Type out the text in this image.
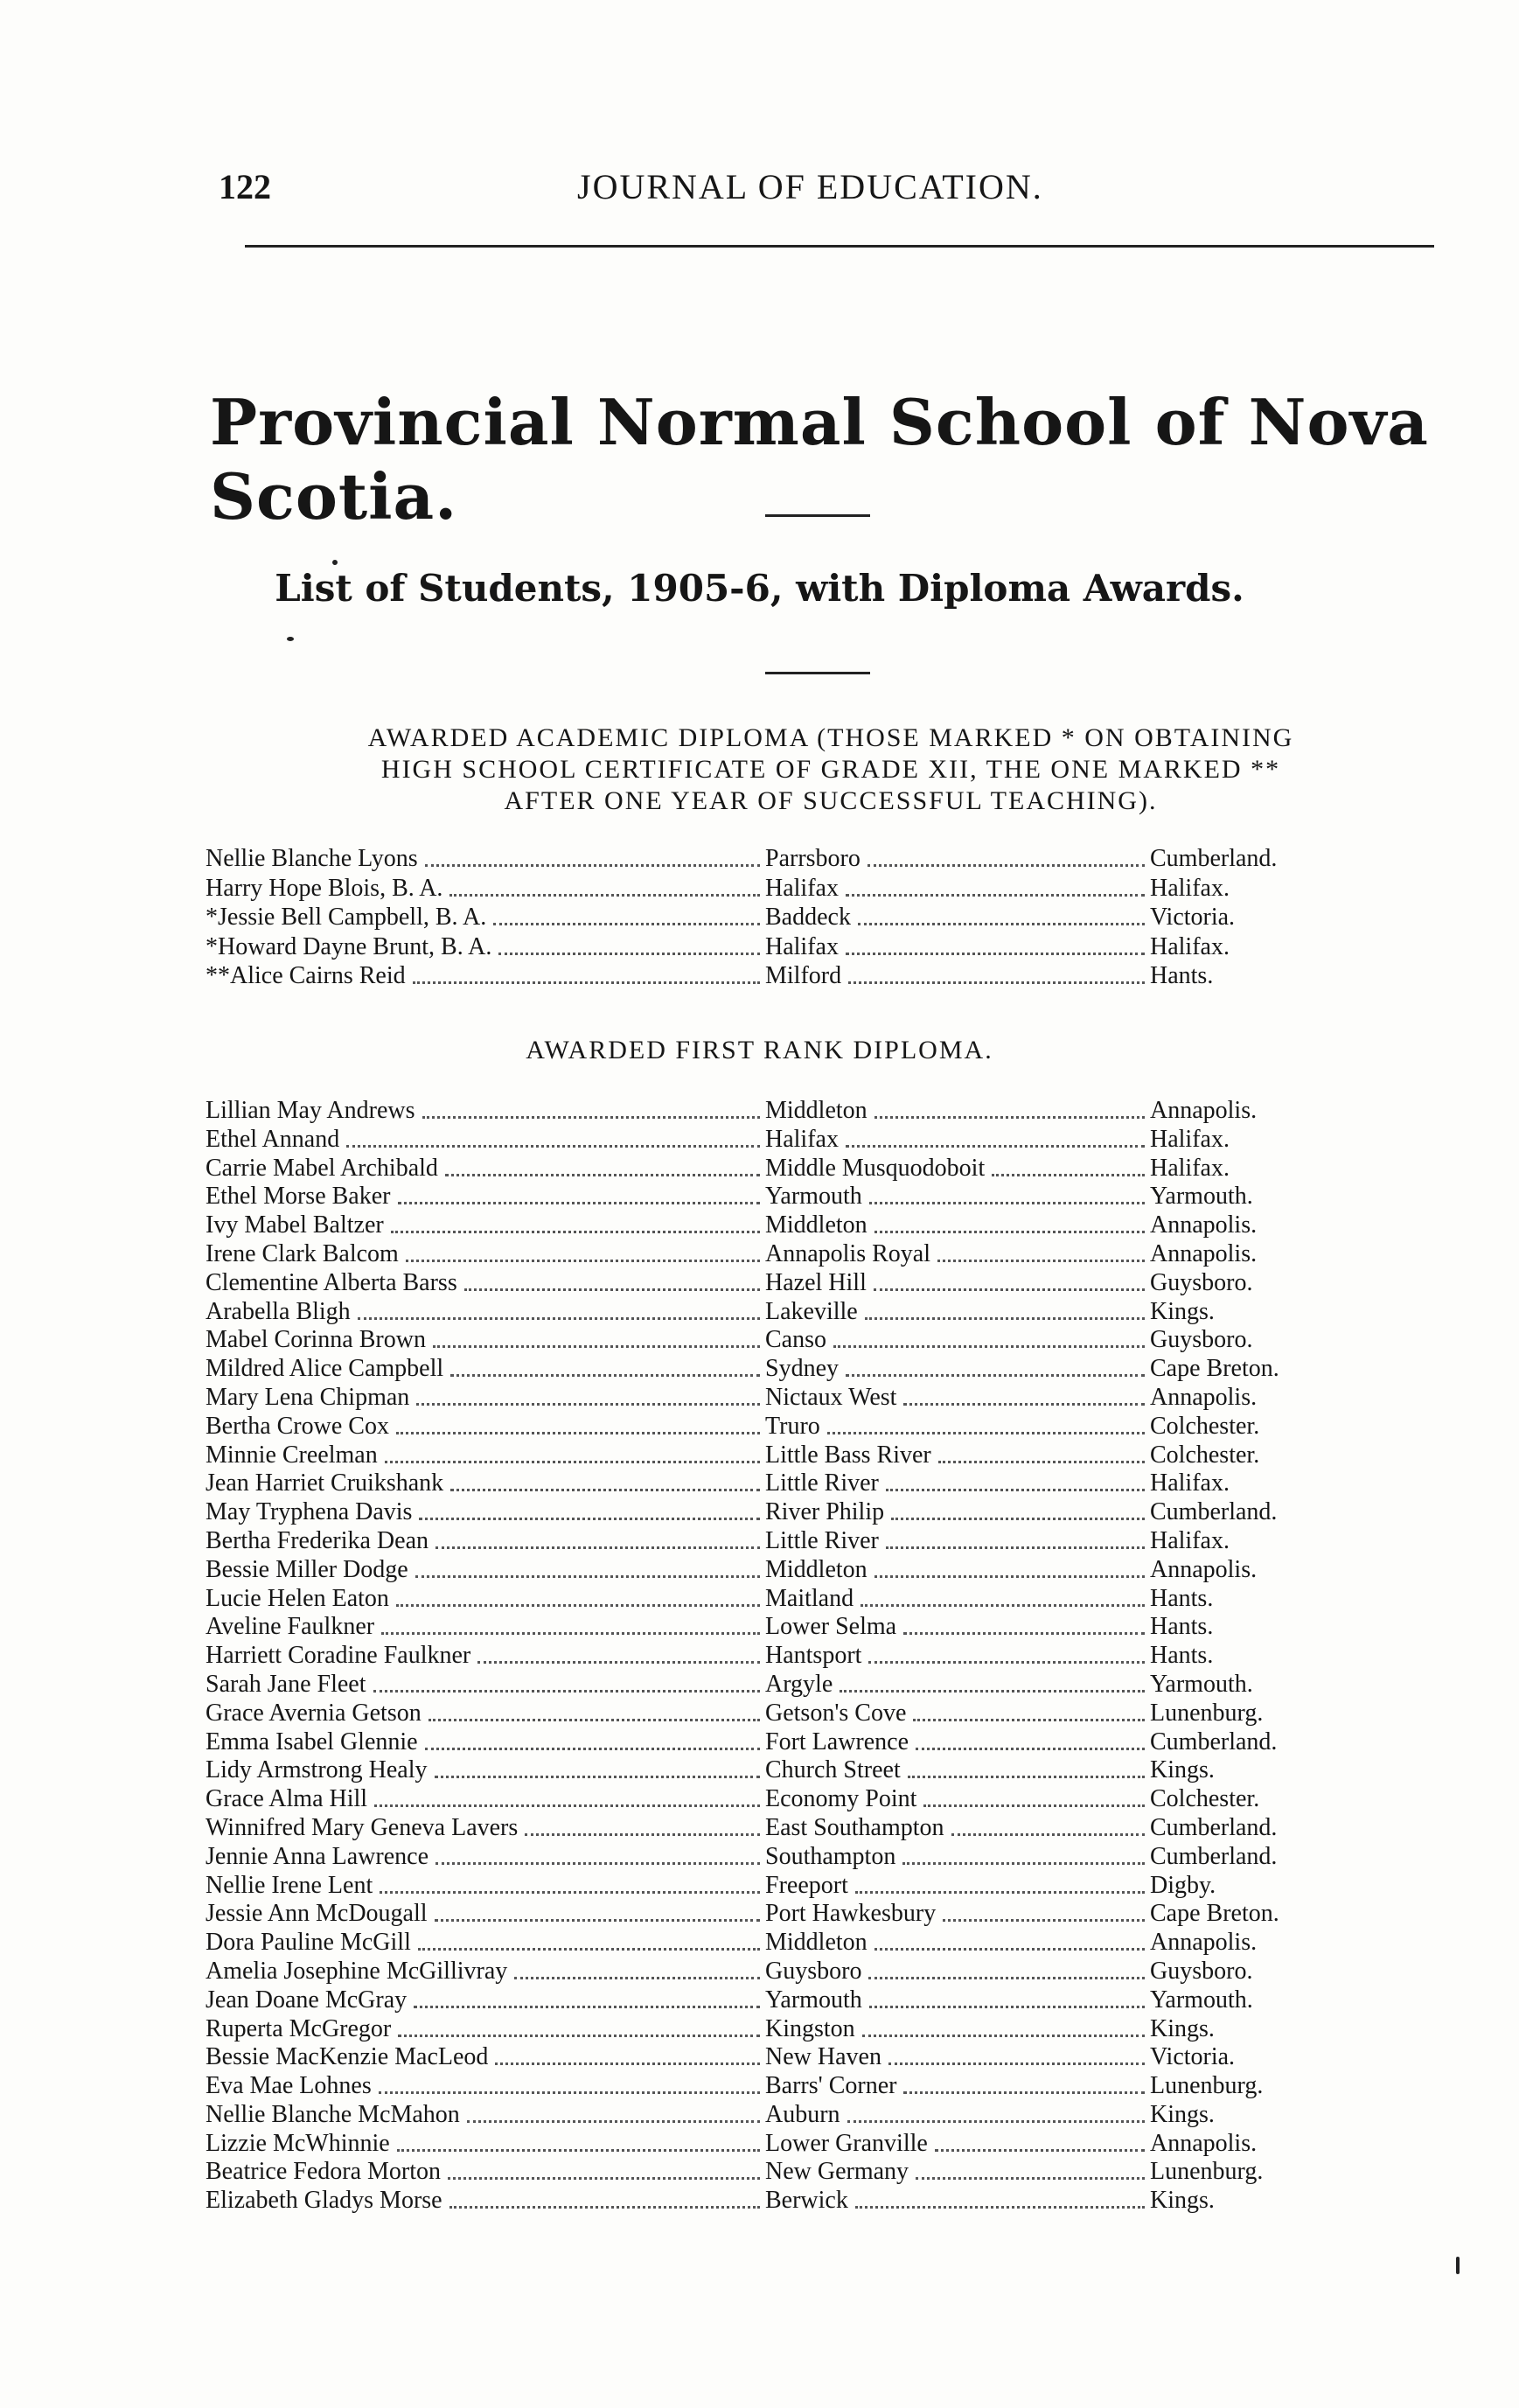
122	JOURNAL OF EDUCATION.
Provincial Normal School of Nova Scotia.
List of Students, 1905-6, with Diploma Awards.
AWARDED ACADEMIC DIPLOMA (THOSE MARKED * ON OBTAINING
HIGH SCHOOL CERTIFICATE OF GRADE XII, THE ONE MARKED **
AFTER ONE YEAR OF SUCCESSFUL TEACHING).
Nellie Blanche Lyons	Parrsboro	Cumberland.
Harry Hope Blois, B. A.	Halifax	Halifax.
*Jessie Bell Campbell, B. A.	Baddeck	Victoria.
*Howard Dayne Brunt, B. A.	Halifax	Halifax.
**Alice Cairns Reid	Milford	Hants.
AWARDED FIRST RANK DIPLOMA.
Lillian May Andrews	Middleton	Annapolis.
Ethel Annand	Halifax	Halifax.
Carrie Mabel Archibald	Middle Musquodoboit	Halifax.
Ethel Morse Baker	Yarmouth	Yarmouth.
Ivy Mabel Baltzer	Middleton	Annapolis.
Irene Clark Balcom	Annapolis Royal	Annapolis.
Clementine Alberta Barss	Hazel Hill	Guysboro.
Arabella Bligh	Lakeville	Kings.
Mabel Corinna Brown	Canso	Guysboro.
Mildred Alice Campbell	Sydney	Cape Breton.
Mary Lena Chipman	Nictaux West	Annapolis.
Bertha Crowe Cox	Truro	Colchester.
Minnie Creelman	Little Bass River	Colchester.
Jean Harriet Cruikshank	Little River	Halifax.
May Tryphena Davis	River Philip	Cumberland.
Bertha Frederika Dean	Little River	Halifax.
Bessie Miller Dodge	Middleton	Annapolis.
Lucie Helen Eaton	Maitland	Hants.
Aveline Faulkner	Lower Selma	Hants.
Harriett Coradine Faulkner	Hantsport	Hants.
Sarah Jane Fleet	Argyle	Yarmouth.
Grace Avernia Getson	Getson's Cove	Lunenburg.
Emma Isabel Glennie	Fort Lawrence	Cumberland.
Lidy Armstrong Healy	Church Street	Kings.
Grace Alma Hill	Economy Point	Colchester.
Winnifred Mary Geneva Lavers	East Southampton	Cumberland.
Jennie Anna Lawrence	Southampton	Cumberland.
Nellie Irene Lent	Freeport	Digby.
Jessie Ann McDougall	Port Hawkesbury	Cape Breton.
Dora Pauline McGill	Middleton	Annapolis.
Amelia Josephine McGillivray	Guysboro	Guysboro.
Jean Doane McGray	Yarmouth	Yarmouth.
Ruperta McGregor	Kingston	Kings.
Bessie MacKenzie MacLeod	New Haven	Victoria.
Eva Mae Lohnes	Barrs' Corner	Lunenburg.
Nellie Blanche McMahon	Auburn	Kings.
Lizzie McWhinnie	Lower Granville	Annapolis.
Beatrice Fedora Morton	New Germany	Lunenburg.
Elizabeth Gladys Morse	Berwick	Kings.
